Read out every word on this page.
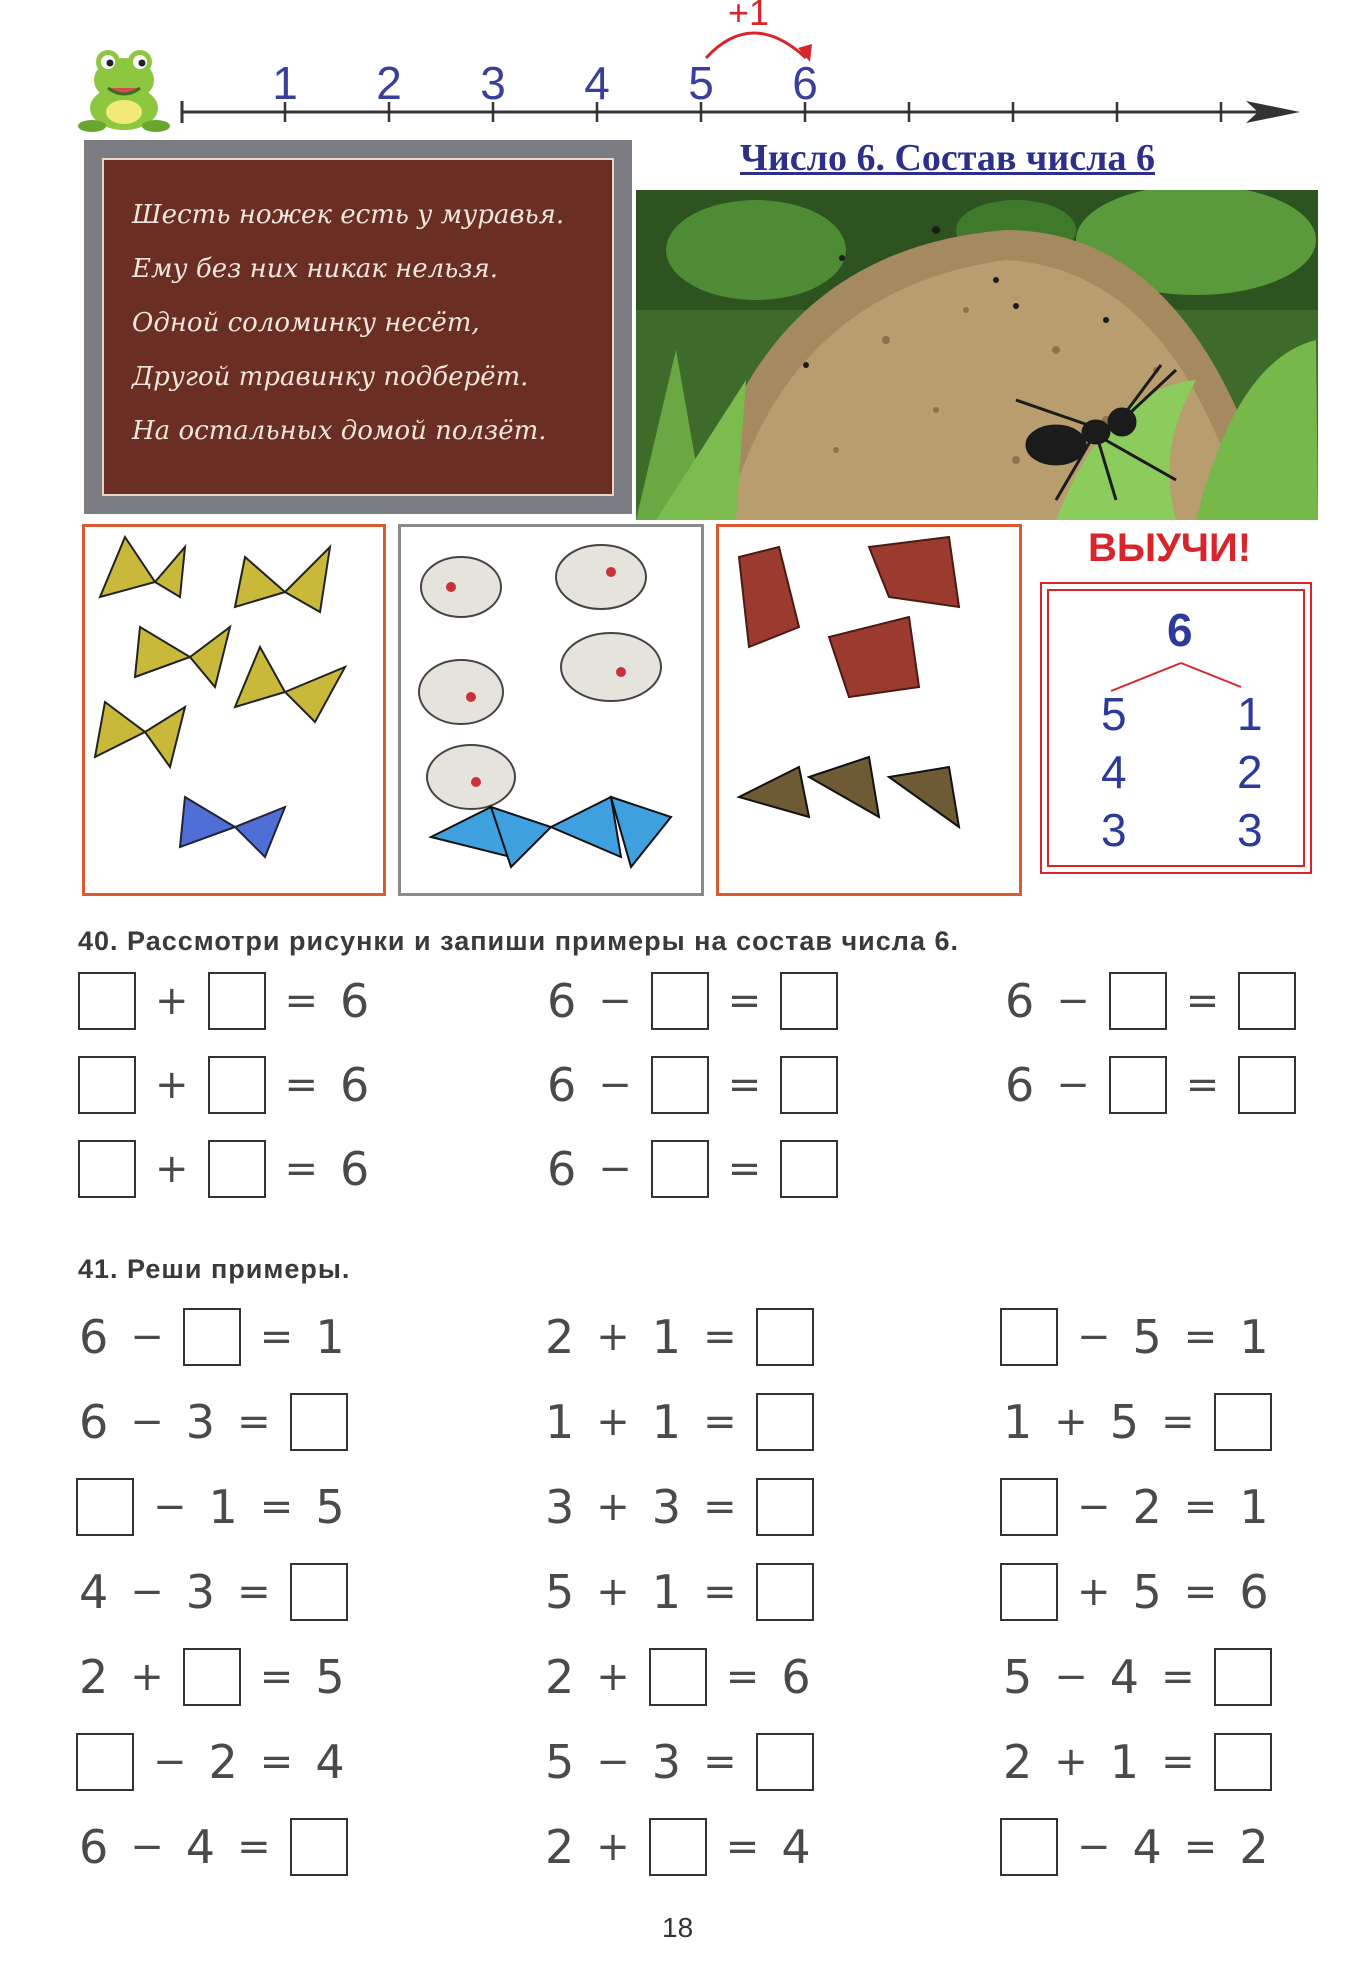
1	2	3	4	5	6
+1
Число 6. Состав числа 6
Шесть ножек есть у муравья.
Ему без них никак нельзя.
Одной соломинку несёт,
Другой травинку подберёт.
На остальных домой ползёт.
ВЫУЧИ!
6
5 1
4 2
3 3
40. Рассмотри рисунки и запиши примеры на состав числа 6.
+ = 6
+ = 6
+ = 6
6 − =
6 − =
6 − =
6 − =
6 − =
41. Реши примеры.
6 − = 1
6 − 3 =
− 1 = 5
4 − 3 =
2 + = 5
− 2 = 4
6 − 4 =
2 + 1 =
1 + 1 =
3 + 3 =
5 + 1 =
2 + = 6
5 − 3 =
2 + = 4
− 5 = 1
1 + 5 =
− 2 = 1
+ 5 = 6
5 − 4 =
2 + 1 =
− 4 = 2
18
